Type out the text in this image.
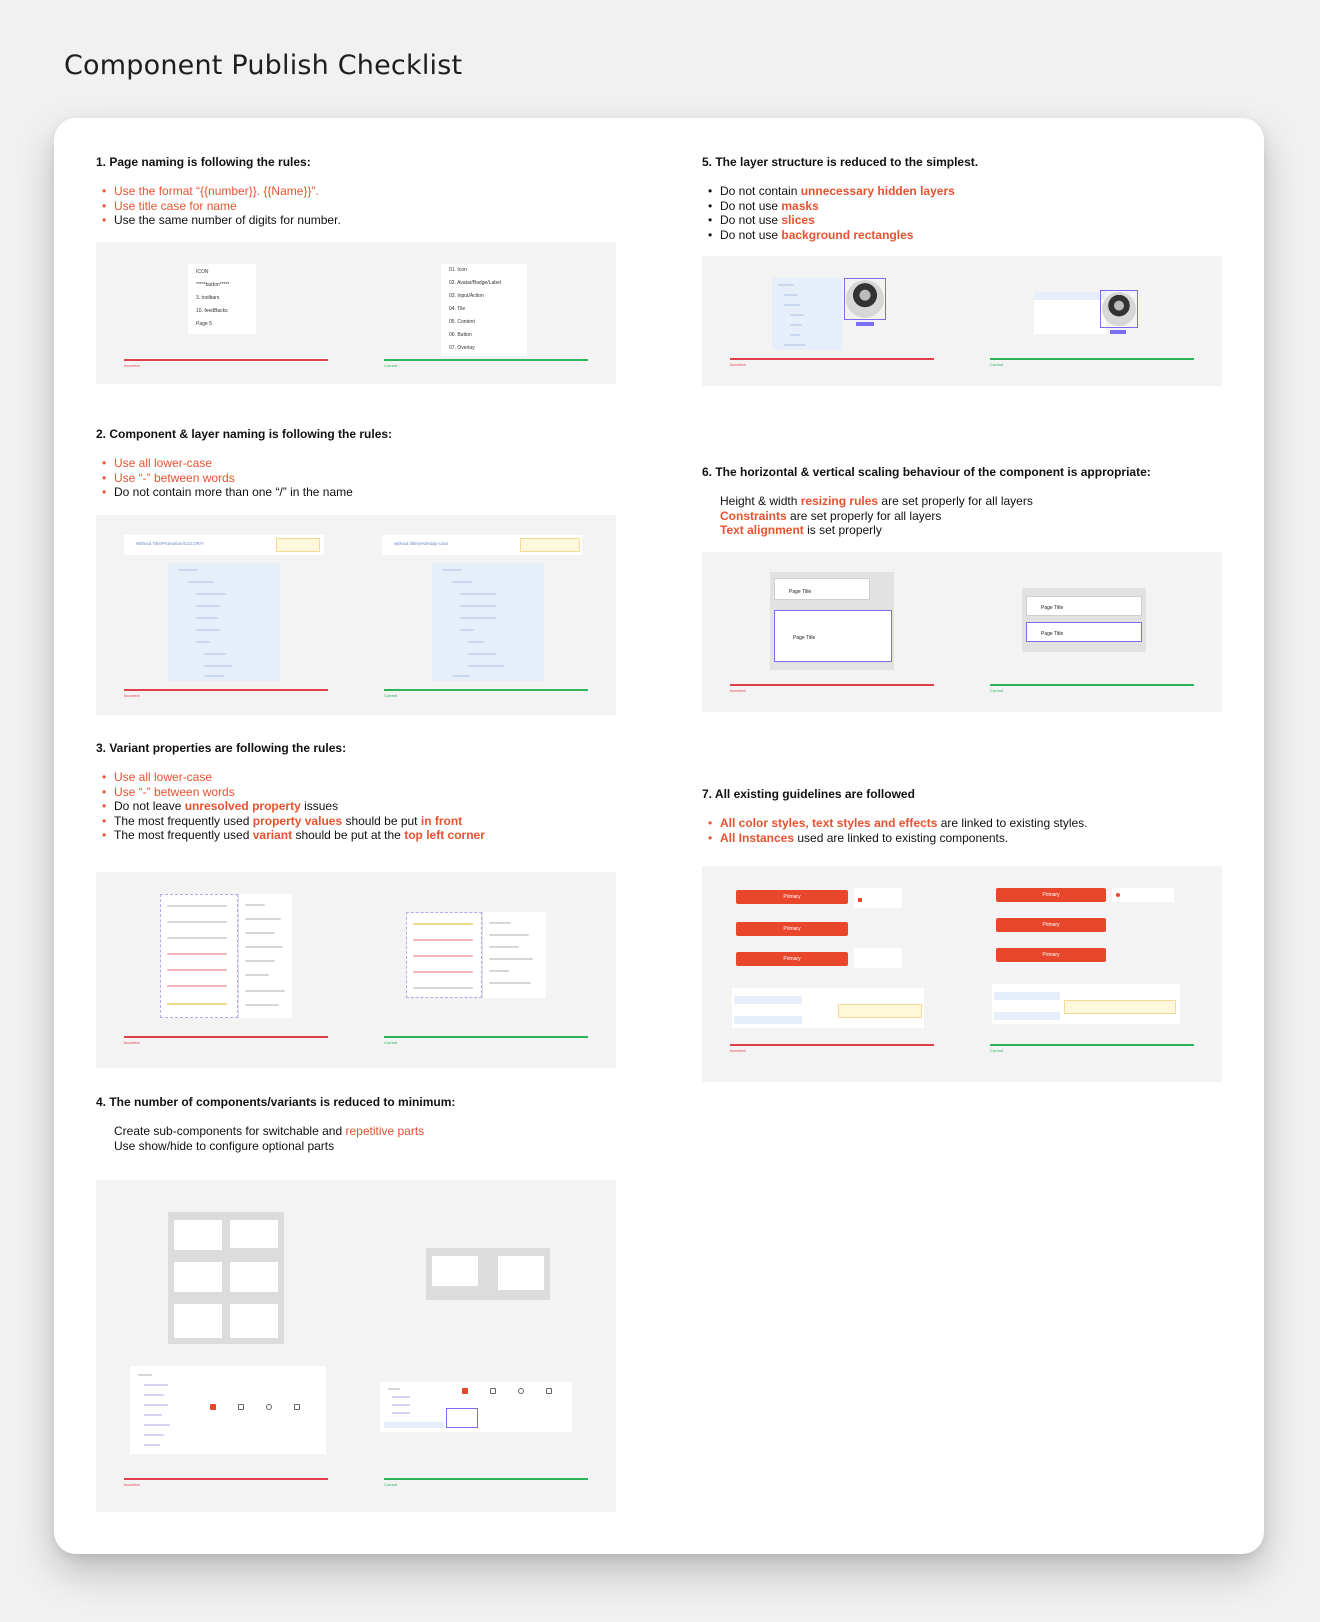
Component Publish Checklist
1. Page naming is following the rules:
• Use the format “{{number}}. {{Name}}”.
• Use title case for name
• Use the same number of digits for number.
ICON
*****button*****
3. toolbars
10. feedBacks
Page 5
01. Icon
02. Avatar/Badge/Label
03. Input/Action
04. Tile
05. Content
06. Button
07. Overlay
Incorrect	Correct
2. Component & layer naming is following the rules:
• Use all lower-case
• Use “-” between words
• Do not contain more than one “/” in the name
Without Title/Promotion/COLOR/Y	without title/yesterday-color
Incorrect	Correct
3. Variant properties are following the rules:
• Use all lower-case
• Use “-” between words
• Do not leave unresolved property issues
• The most frequently used property values should be put in front
• The most frequently used variant should be put at the top left corner
Incorrect	Correct
4. The number of components/variants is reduced to minimum:
Create sub-components for switchable and repetitive parts
Use show/hide to configure optional parts
Incorrect	Correct
5. The layer structure is reduced to the simplest.
• Do not contain unnecessary hidden layers
• Do not use masks
• Do not use slices
• Do not use background rectangles
Incorrect	Correct
6. The horizontal & vertical scaling behaviour of the component is appropriate:
Height & width resizing rules are set properly for all layers
Constraints are set properly for all layers
Text alignment is set properly
Page Title
Page Title
Page Title
Page Title
Incorrect	Correct
7. All existing guidelines are followed
• All color styles, text styles and effects are linked to existing styles.
• All Instances used are linked to existing components.
Primary
Primary
Primary
Primary
Primary
Primary
Incorrect	Correct
